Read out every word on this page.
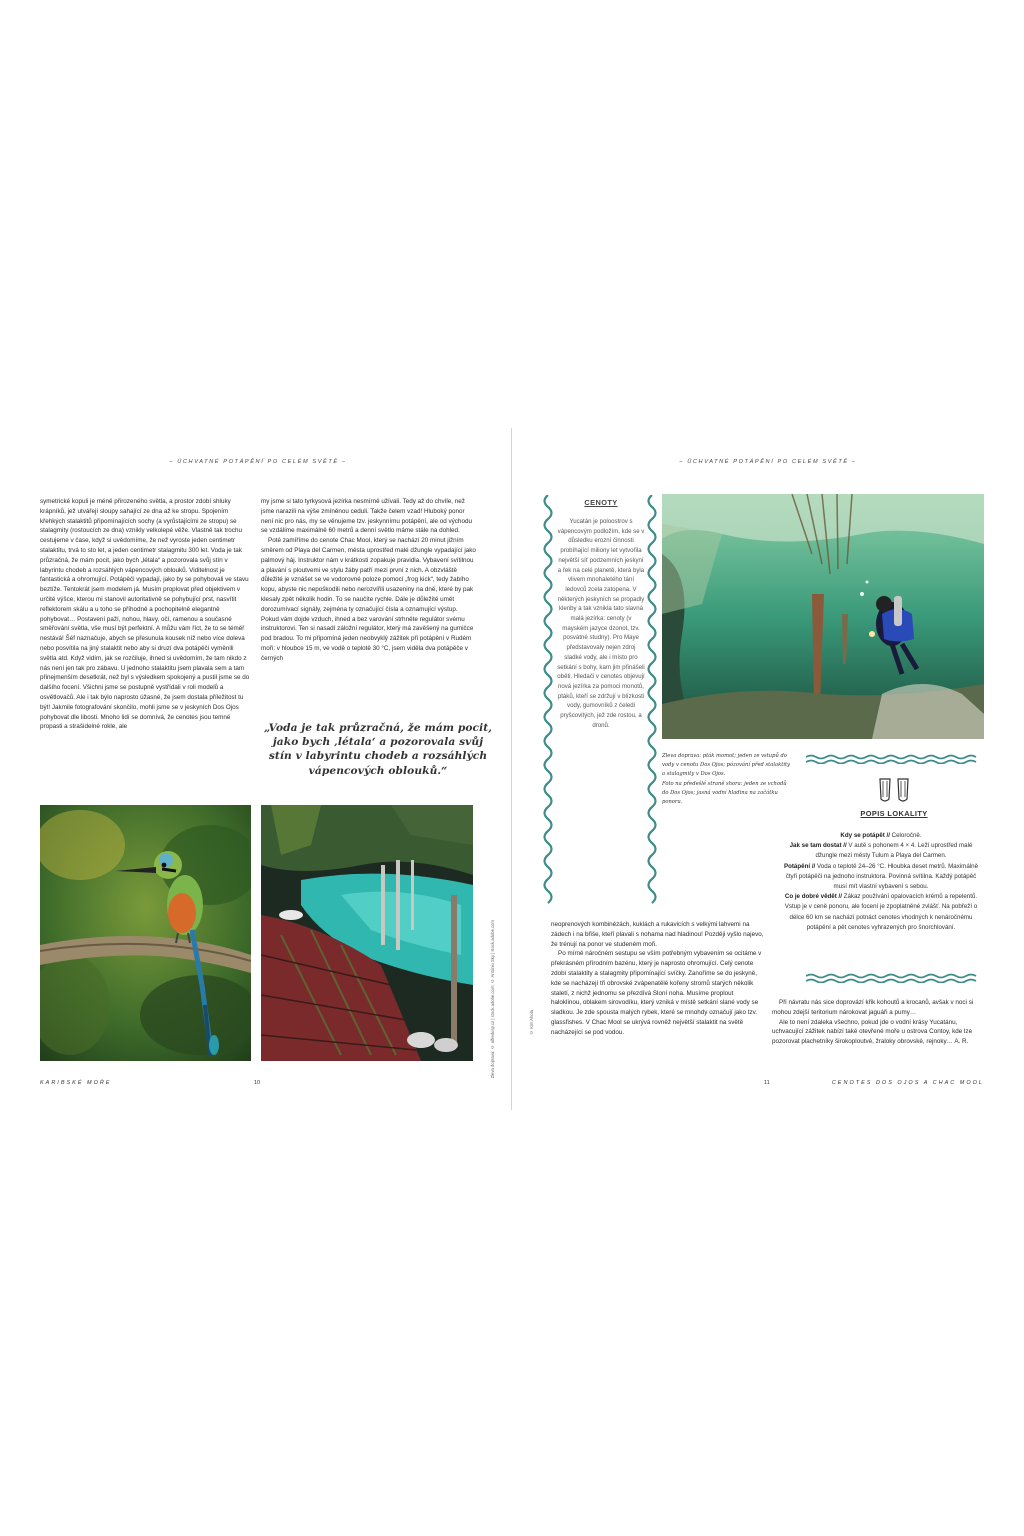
– ÚCHVATNÉ POTÁPĚNÍ PO CELÉM SVĚTĚ –	– ÚCHVATNÉ POTÁPĚNÍ PO CELÉM SVĚTĚ –

symetrické kopuli je méně přirozeného světla, a prostor zdobí shluky krápníků, jež utvářejí sloupy sahající ze dna až ke stropu. Spojením křehkých stalaktitů připomínajících sochy (a vyrůstajícími ze stropu) se stalagmity (rostoucích ze dna) vznikly velkolepé věže. Vlastně tak trochu cestujeme v čase, když si uvědomíme, že než vyroste jeden centimetr stalaktitu, trvá to sto let, a jeden centimetr stalagmitu 300 let. Voda je tak průzračná, že mám pocit, jako bych „létala“ a pozorovala svůj stín v labyrintu chodeb a rozsáhlých vápencových oblouků. Viditelnost je fantastická a ohromující. Potápěči vypadají, jako by se pohybovali ve stavu beztíže. Tentokrát jsem modelem já. Musím proplovat před objektivem v určité výšce, kterou mi stanovil autoritativně se pohybující prst, nasvítit reflektorem skálu a u toho se příhodně a pochopitelně elegantně pohybovat… Postavení paží, nohou, hlavy, očí, ramenou a současné směřování světla, vše musí být perfektní. A můžu vám říct, že to se téměř nestává! Šéf naznačuje, abych se přesunula kousek níž nebo více doleva nebo posvítila na jiný stalaktit nebo aby si druzí dva potápěči vyměnili světla atd. Když vidím, jak se rozčiluje, ihned si uvědomím, že tam nikdo z nás není jen tak pro zábavu. U jednoho stalaktitu jsem plavala sem a tam přinejmenším desetkrát, než byl s výsledkem spokojený a pustil jsme se do dalšího focení. Všichni jsme se postupně vystřídali v roli modelů a osvětlovačů. Ale i tak bylo naprosto úžasné, že jsem dostala příležitost tu být! Jakmile fotografování skončilo, mohli jsme se v jeskyních Dos Ojos pohybovat dle libosti. Mnoho lidí se domnívá, že cenotes jsou temné propasti a strašidelné rokle, ale

my jsme si tato tyrkysová jezírka nesmírně užívali. Tedy až do chvíle, než jsme narazili na výše zmíněnou ceduli. Takže čelem vzad! Hluboký ponor není nic pro nás, my se věnujeme tzv. jeskynnímu potápění, ale od východu se vzdálíme maximálně 60 metrů a denní světlo máme stále na dohled.

Poté zamíříme do cenote Chac Mool, který se nachází 20 minut jižním směrem od Playa del Carmen, města uprostřed malé džungle vypadající jako palmový háj. Instruktor nám v krátkosti zopakuje pravidla. Vybavení svítilnou a plavání s ploutvemi ve stylu žáby patří mezi první z nich. A obzvláště důležité je vznášet se ve vodorovné poloze pomocí „frog kick“, tedy žabího kopu, abyste nic nepoškodili nebo nerozvířili usazeniny na dně, které by pak klesaly zpět několik hodin. To se naučíte rychle. Dále je důležité umět dorozumívací signály, zejména ty označující čísla a oznamující výstup. Pokud vám dojde vzduch, ihned a bez varování strhněte regulátor svému instruktorovi. Ten si nasadí záložní regulátor, který má zavěšený na gumičce pod bradou. To mi připomíná jeden neobvyklý zážitek při potápění v Rudém moři: v hloubce 15 m, ve vodě o teplotě 30 °C, jsem viděla dva potápěče v černých

„Voda je tak průzračná, že mám pocit, jako bych ‚létala‘ a pozorovala svůj stín v labyrintu chodeb a rozsáhlých vápencových oblouků.“
Zleva doprava: © alfredosp.cz | stock.adobe.com; © Antonio Sky | stock.adobe.com	© Kim Ahola
KARIBSKÉ MOŘE	10
CENOTY
Yucatán je poloostrov s vápencovým podložím, kde se v důsledku erozní činnosti probíhající miliony let vytvořila největší síť podzemních jeskyní a řek na celé planetě, která byla vlivem mnohaletého tání ledovců zcela zatopena. V některých jeskyních se propadly klenby a tak vznikla tato slavná malá jezírka: cenoty (v mayském jazyce dzonot, tzv. posvátné studny). Pro Maye představovaly nejen zdroj sladké vody, ale i místo pro setkání s bohy, kam jim přinášeli oběti. Hledači v cenotes objevují nová jezírka za pomoci monotů, ptáků, kteří se zdržují v blízkosti vody, gumovníků z čeledi pryšcovitých, jež zde rostou, a dronů.
Zleva doprava: pták momot; jeden ze vstupů do vody v cenotu Dos Ojos; pózování před stalaktity a stalagmity v Dos Ojos.
Foto na předešlé straně shora: jeden ze vchodů do Dos Ojos; jasná vodní hladina na začátku ponoru.
POPIS LOKALITY
Kdy se potápět // Celoročně.
Jak se tam dostat // V autě s pohonem 4 × 4. Leží uprostřed malé džungle mezi městy Tulum a Playa del Carmen.
Potápění // Voda o teplotě 24–26 °C. Hloubka deset metrů. Maximálně čtyři potápěči na jednoho instruktora. Povinná svítilna. Každý potápěč musí mít vlastní vybavení s sebou.
Co je dobré vědět // Zákaz používání opalovacích krémů a repelentů. Vstup je v ceně ponoru, ale focení je zpoplatněné zvlášť. Na pobřeží o délce 60 km se nachází potnáct cenotes vhodných k nenáročnému potápění a pět cenotes vyhrazených pro šnorchlování.

neoprenových kombinézách, kuklách a rukavicích s velkými lahvemi na zádech i na břiše, kteří plavali s nohama nad hladinou! Později vyšlo najevo, že trénují na ponor ve studeném moři.

Po mírně náročném sestupu se vším potřebným vybavením se ocitáme v překrásném přírodním bazénu, který je naprosto ohromující. Celý cenote zdobí stalaktity a stalagmity připomínající svíčky. Zanoříme se do jeskyně, kde se nacházejí tři obrovské zvápenatělé kořeny stromů starých několik staletí, z nichž jednomu se přezdívá Sloní noha. Musíme proplout haloklinou, oblakem sirovodíku, který vzniká v místě setkání slané vody se sladkou. Je zde spousta malých rybek, které se mnohdy označují jako tzv. glassfishes. V Chac Mool se ukrývá rovněž největší stalaktit na světě nacházející se pod vodou.

Při návratu nás sice doprovází křik kohoutů a krocanů, avšak v noci si mohou zdejší teritorium nárokovat jaguáři a pumy…

Ale to není zdaleka všechno, pokud jde o vodní krásy Yucatánu, uchvacující zážitek nabízí také otevřené moře u ostrova Contoy, kde lze pozorovat plachetníky širokoploutvé, žraloky obrovské, rejnoky… A. R.

11	CENOTES DOS OJOS A CHAC MOOL
